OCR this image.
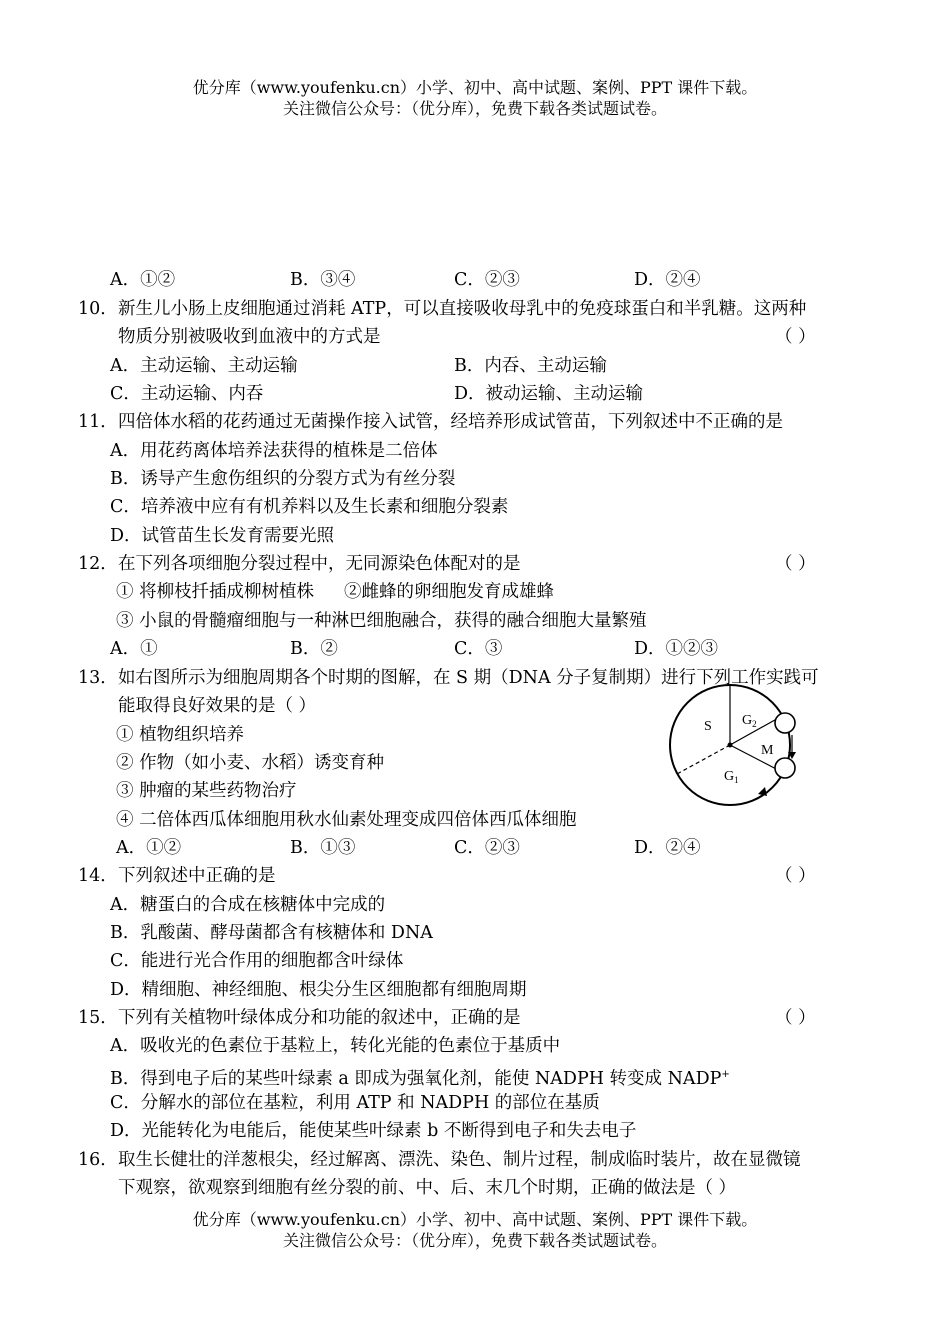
优分库（www.youfenku.cn）小学、初中、高中试题、案例、PPT 课件下载。
关注微信公众号：（优分库），免费下载各类试题试卷。
A．①②	B．③④	C．②③	D．②④
10． 新生儿小肠上皮细胞通过消耗 ATP，可以直接吸收母乳中的免疫球蛋白和半乳糖。这两种
物质分别被吸收到血液中的方式是	（ ）
A．主动运输、主动运输	B．内吞、主动运输
C．主动运输、内吞	D．被动运输、主动运输
11． 四倍体水稻的花药通过无菌操作接入试管，经培养形成试管苗，下列叙述中不正确的是
A．用花药离体培养法获得的植株是二倍体
B．诱导产生愈伤组织的分裂方式为有丝分裂
C．培养液中应有有机养料以及生长素和细胞分裂素
D．试管苗生长发育需要光照
12． 在下列各项细胞分裂过程中，无同源染色体配对的是	（ ）
① 将柳枝扦插成柳树植株 ②雌蜂的卵细胞发育成雄蜂
③ 小鼠的骨髓瘤细胞与一种淋巴细胞融合，获得的融合细胞大量繁殖
A．①	B．②	C．③	D．①②③
13． 如右图所示为细胞周期各个时期的图解，在 S 期（DNA 分子复制期）进行下列工作实践可
能取得良好效果的是（ ）
① 植物组织培养
② 作物（如小麦、水稻）诱变育种
③ 肿瘤的某些药物治疗
④ 二倍体西瓜体细胞用秋水仙素处理变成四倍体西瓜体细胞
A．①②	B．①③	C．②③	D．②④
S $G_2$
M
$G_1$
14． 下列叙述中正确的是	（ ）
A．糖蛋白的合成在核糖体中完成的
B．乳酸菌、酵母菌都含有核糖体和 DNA
C．能进行光合作用的细胞都含叶绿体
D．精细胞、神经细胞、根尖分生区细胞都有细胞周期
15． 下列有关植物叶绿体成分和功能的叙述中，正确的是	（ ）
A．吸收光的色素位于基粒上，转化光能的色素位于基质中
B．得到电子后的某些叶绿素 a 即成为强氧化剂，能使 NADPH 转变成 NADP+
C．分解水的部位在基粒，利用 ATP 和 NADPH 的部位在基质
D．光能转化为电能后，能使某些叶绿素 b 不断得到电子和失去电子
16． 取生长健壮的洋葱根尖，经过解离、漂洗、染色、制片过程，制成临时装片，故在显微镜
下观察，欲观察到细胞有丝分裂的前、中、后、末几个时期，正确的做法是（ ）
优分库（www.youfenku.cn）小学、初中、高中试题、案例、PPT 课件下载。
关注微信公众号：（优分库），免费下载各类试题试卷。
